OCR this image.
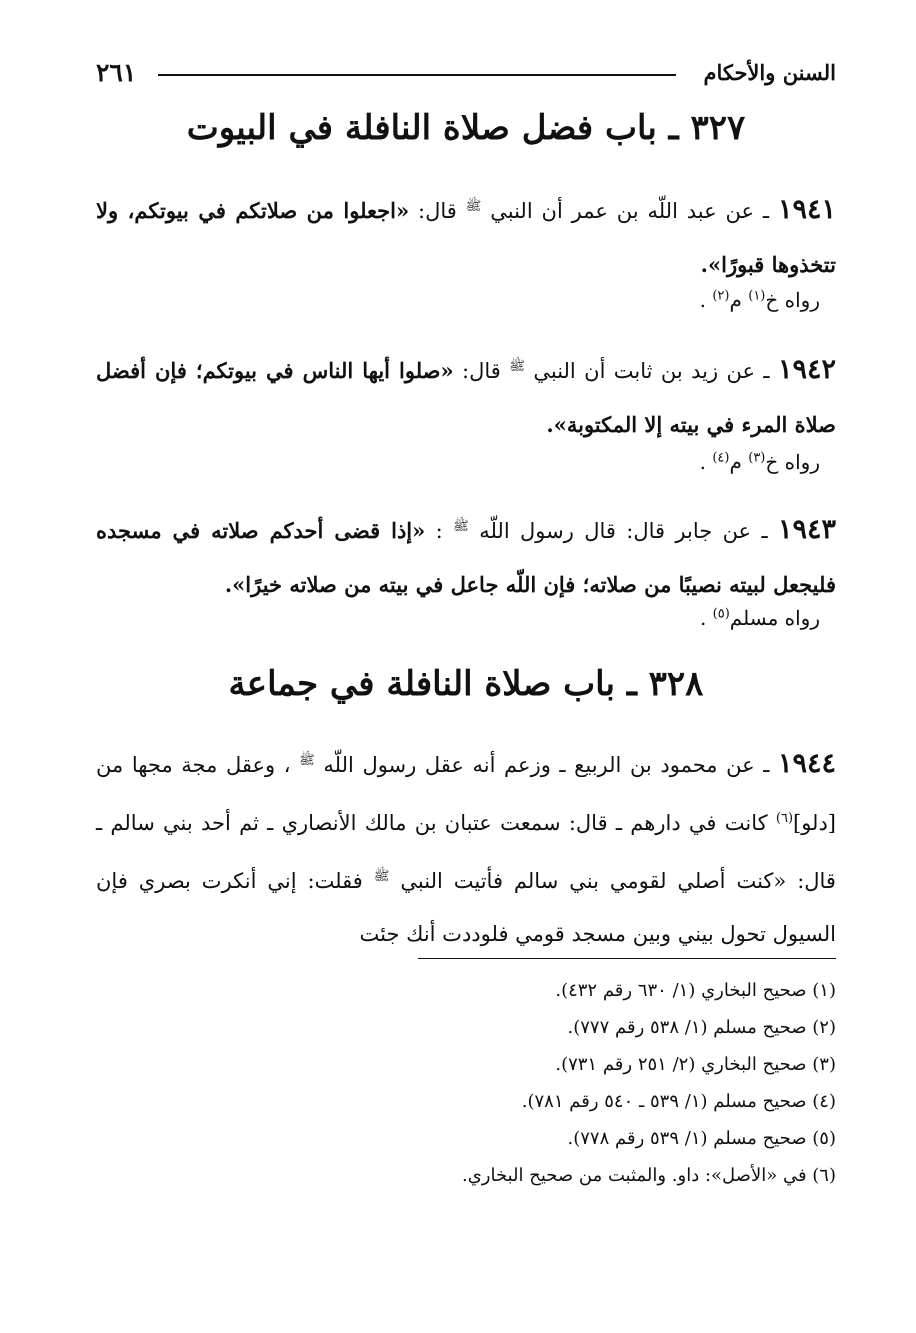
السنن والأحكام
٢٦١
٣٢٧ ـ باب فضل صلاة النافلة في البيوت
١٩٤١ ـ عن عبد اللّه بن عمر أن النبي $^ﷺ$ قال: «اجعلوا من صلاتكم في بيوتكم، ولا تتخذوها قبورًا».
رواه خ$^{(١)}$ م$^{(٢)}$ .
١٩٤٢ ـ عن زيد بن ثابت أن النبي $^ﷺ$ قال: «صلوا أيها الناس في بيوتكم؛ فإن أفضل صلاة المرء في بيته إلا المكتوبة».
رواه خ$^{(٣)}$ م$^{(٤)}$ .
١٩٤٣ ـ عن جابر قال: قال رسول اللّه $^ﷺ$ : «إذا قضى أحدكم صلاته في مسجده فليجعل لبيته نصيبًا من صلاته؛ فإن اللّه جاعل في بيته من صلاته خيرًا».
رواه مسلم$^{(٥)}$ .
٣٢٨ ـ باب صلاة النافلة في جماعة
١٩٤٤ ـ عن محمود بن الربيع ـ وزعم أنه عقل رسول اللّه $^ﷺ$ ، وعقل مجة مجها من [دلو]$^{(٦)}$ كانت في دارهم ـ قال: سمعت عتبان بن مالك الأنصاري ـ ثم أحد بني سالم ـ قال: «كنت أصلي لقومي بني سالم فأتيت النبي $^ﷺ$ فقلت: إني أنكرت بصري فإن السيول تحول بيني وبين مسجد قومي فلوددت أنك جئت
(١) صحيح البخاري (١/ ٦٣٠ رقم ٤٣٢).
(٢) صحيح مسلم (١/ ٥٣٨ رقم ٧٧٧).
(٣) صحيح البخاري (٢/ ٢٥١ رقم ٧٣١).
(٤) صحيح مسلم (١/ ٥٣٩ ـ ٥٤٠ رقم ٧٨١).
(٥) صحيح مسلم (١/ ٥٣٩ رقم ٧٧٨).
(٦) في «الأصل»: داو. والمثبت من صحيح البخاري.
